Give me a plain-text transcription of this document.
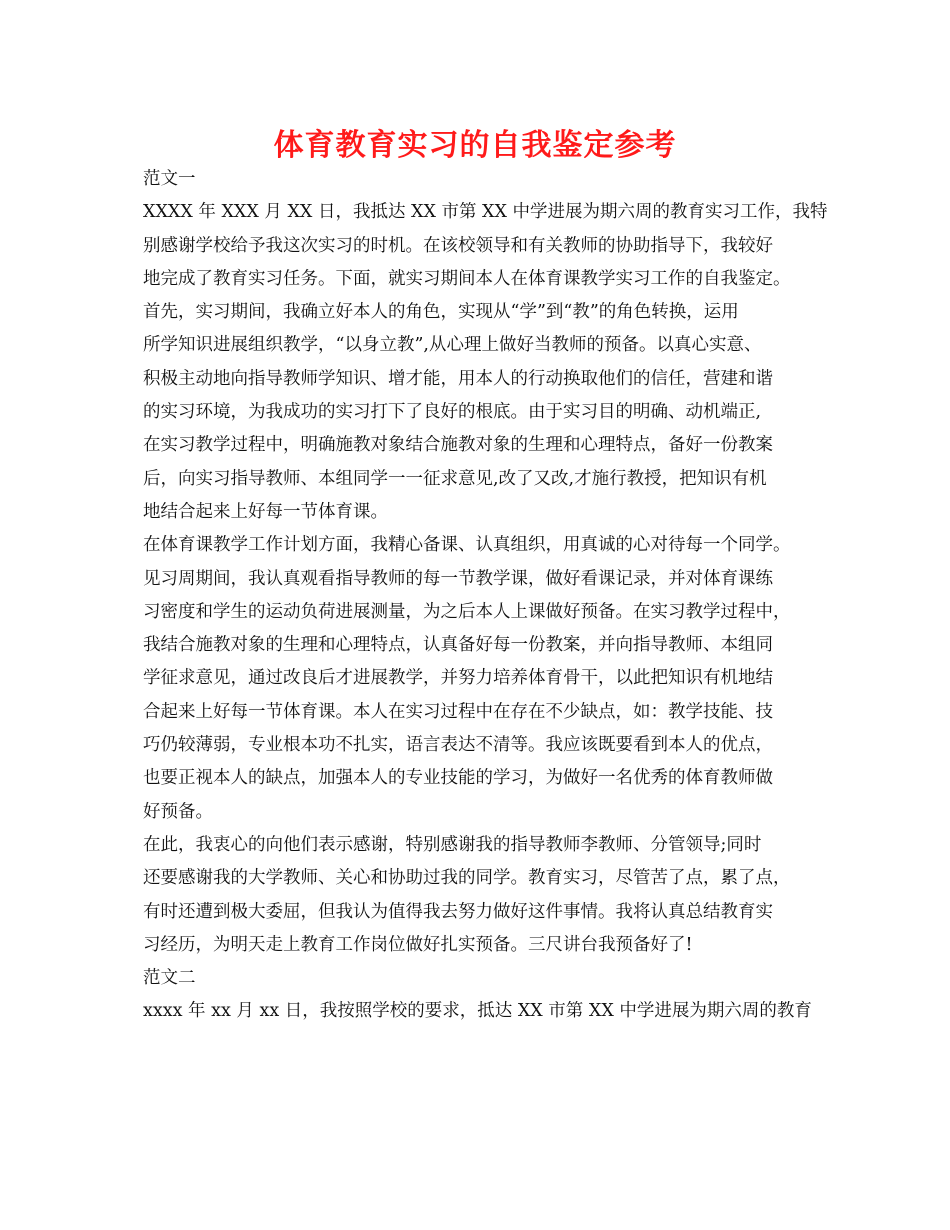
体育教育实习的自我鉴定参考
范文一
XXXX 年 XXX 月 XX 日，我抵达 XX 市第 XX 中学进展为期六周的教育实习工作，我特
别感谢学校给予我这次实习的时机。在该校领导和有关教师的协助指导下，我较好
地完成了教育实习任务。下面，就实习期间本人在体育课教学实习工作的自我鉴定。
首先，实习期间，我确立好本人的角色，实现从“学”到“教”的角色转换，运用
所学知识进展组织教学，“以身立教”,从心理上做好当教师的预备。以真心实意、
积极主动地向指导教师学知识、增才能，用本人的行动换取他们的信任，营建和谐
的实习环境，为我成功的实习打下了良好的根底。由于实习目的明确、动机端正,
在实习教学过程中，明确施教对象结合施教对象的生理和心理特点，备好一份教案
后，向实习指导教师、本组同学一一征求意见,改了又改,才施行教授，把知识有机
地结合起来上好每一节体育课。
在体育课教学工作计划方面，我精心备课、认真组织，用真诚的心对待每一个同学。
见习周期间，我认真观看指导教师的每一节教学课，做好看课记录，并对体育课练
习密度和学生的运动负荷进展测量，为之后本人上课做好预备。在实习教学过程中，
我结合施教对象的生理和心理特点，认真备好每一份教案，并向指导教师、本组同
学征求意见，通过改良后才进展教学，并努力培养体育骨干，以此把知识有机地结
合起来上好每一节体育课。本人在实习过程中在存在不少缺点，如：教学技能、技
巧仍较薄弱，专业根本功不扎实，语言表达不清等。我应该既要看到本人的优点，
也要正视本人的缺点，加强本人的专业技能的学习，为做好一名优秀的体育教师做
好预备。
在此，我衷心的向他们表示感谢，特别感谢我的指导教师李教师、分管领导;同时
还要感谢我的大学教师、关心和协助过我的同学。教育实习，尽管苦了点，累了点，
有时还遭到极大委屈，但我认为值得我去努力做好这件事情。我将认真总结教育实
习经历，为明天走上教育工作岗位做好扎实预备。三尺讲台我预备好了!
范文二
xxxx 年 xx 月 xx 日，我按照学校的要求，抵达 XX 市第 XX 中学进展为期六周的教育
